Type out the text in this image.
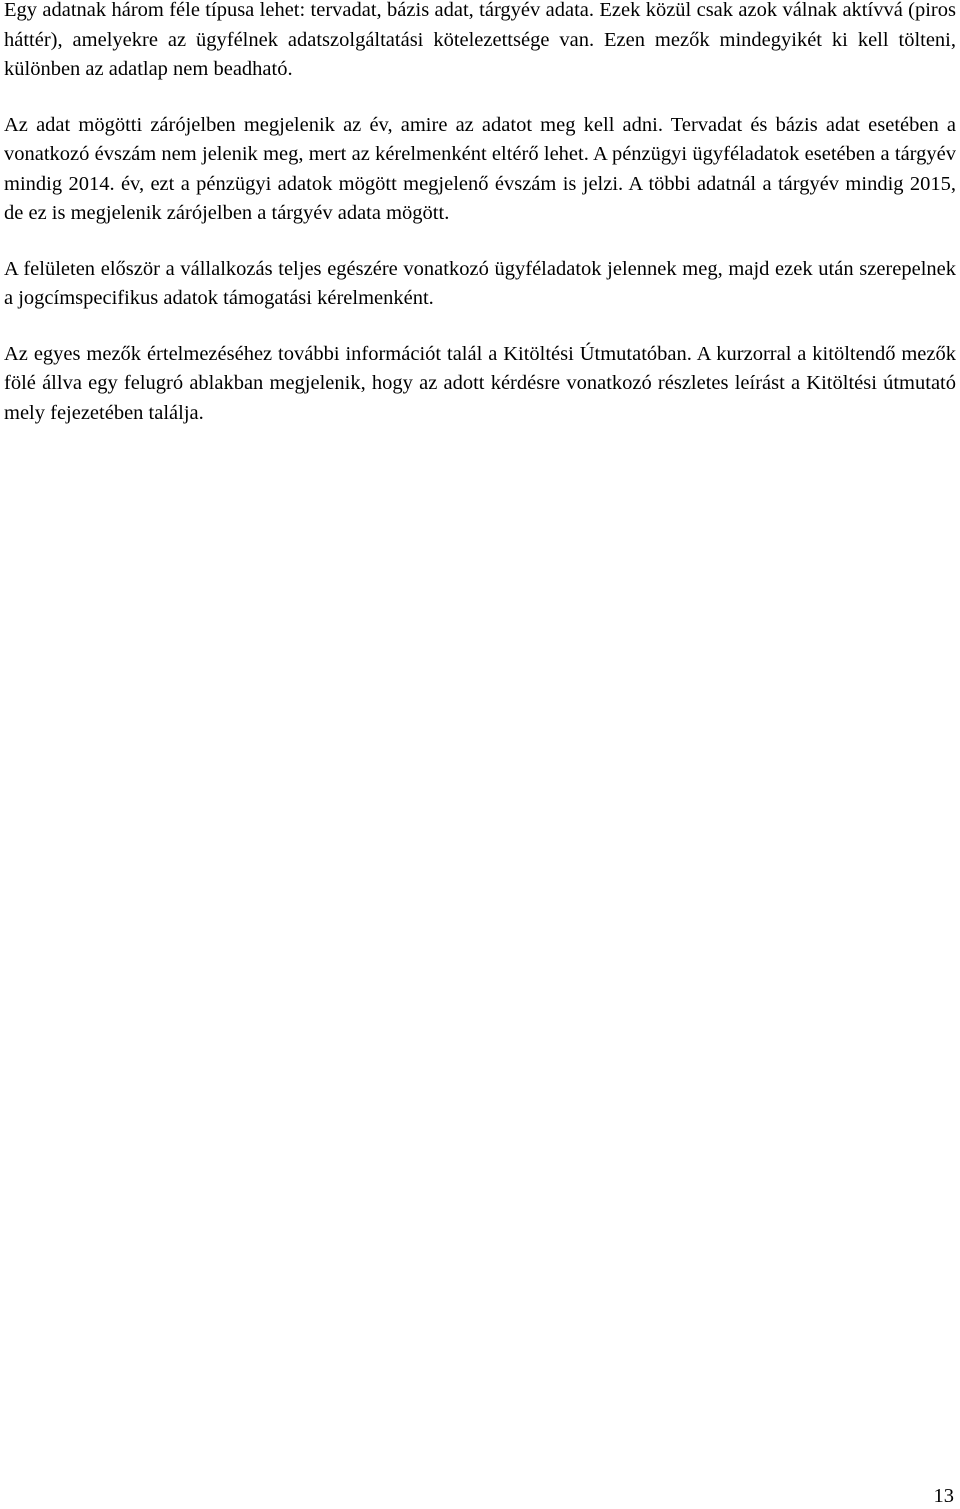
Egy adatnak három féle típusa lehet: tervadat, bázis adat, tárgyév adata. Ezek közül csak azok válnak aktívvá (piros háttér), amelyekre az ügyfélnek adatszolgáltatási kötelezettsége van. Ezen mezők mindegyikét ki kell tölteni, különben az adatlap nem beadható.

Az adat mögötti zárójelben megjelenik az év, amire az adatot meg kell adni. Tervadat és bázis adat esetében a vonatkozó évszám nem jelenik meg, mert az kérelmenként eltérő lehet. A pénzügyi ügyféladatok esetében a tárgyév mindig 2014. év, ezt a pénzügyi adatok mögött megjelenő évszám is jelzi. A többi adatnál a tárgyév mindig 2015, de ez is megjelenik zárójelben a tárgyév adata mögött.

A felületen először a vállalkozás teljes egészére vonatkozó ügyféladatok jelennek meg, majd ezek után szerepelnek a jogcímspecifikus adatok támogatási kérelmenként.

Az egyes mezők értelmezéséhez további információt talál a Kitöltési Útmutatóban. A kurzorral a kitöltendő mezők fölé állva egy felugró ablakban megjelenik, hogy az adott kérdésre vonatkozó részletes leírást a Kitöltési útmutató mely fejezetében találja.

13
